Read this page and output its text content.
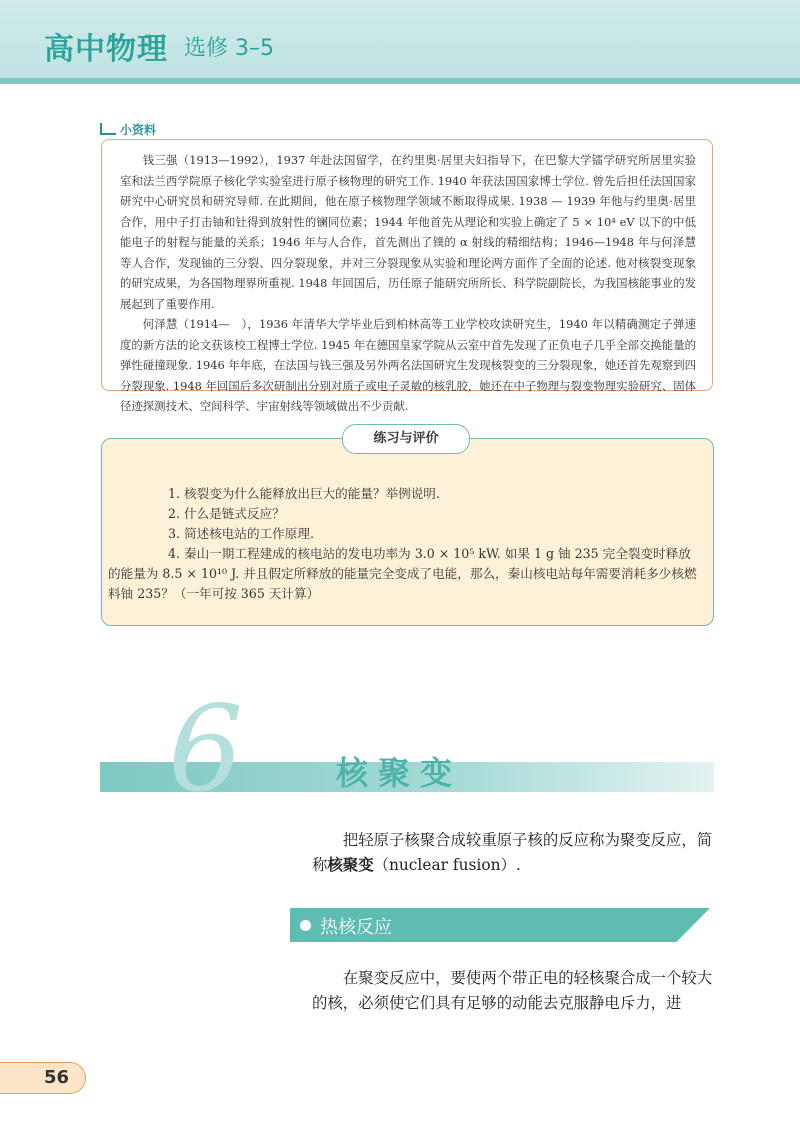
高中物理 选修 3–5
小资料

钱三强（1913—1992），1937 年赴法国留学，在约里奥·居里夫妇指导下，在巴黎大学镭学研究所居里实验室和法兰西学院原子核化学实验室进行原子核物理的研究工作. 1940 年获法国国家博士学位. 曾先后担任法国国家研究中心研究员和研究导师. 在此期间，他在原子核物理学领域不断取得成果. 1938 — 1939 年他与约里奥·居里合作，用中子打击铀和钍得到放射性的镧同位素；1944 年他首先从理论和实验上确定了 5 × 10⁴ eV 以下的中低能电子的射程与能量的关系；1946 年与人合作，首先测出了镤的 α 射线的精细结构；1946—1948 年与何泽慧等人合作，发现铀的三分裂、四分裂现象，并对三分裂现象从实验和理论两方面作了全面的论述. 他对核裂变现象的研究成果，为各国物理界所重视. 1948 年回国后，历任原子能研究所所长、科学院副院长，为我国核能事业的发展起到了重要作用.

何泽慧（1914—　），1936 年清华大学毕业后到柏林高等工业学校攻读研究生，1940 年以精确测定子弹速度的新方法的论文获该校工程博士学位. 1945 年在德国皇家学院从云室中首先发现了正负电子几乎全部交换能量的弹性碰撞现象. 1946 年年底，在法国与钱三强及另外两名法国研究生发现核裂变的三分裂现象，她还首先观察到四分裂现象. 1948 年回国后多次研制出分别对质子或电子灵敏的核乳胶，她还在中子物理与裂变物理实验研究、固体径迹探测技术、空间科学、宇宙射线等领域做出不少贡献.

练习与评价
1. 核裂变为什么能释放出巨大的能量？举例说明.
2. 什么是链式反应？
3. 简述核电站的工作原理.
4. 秦山一期工程建成的核电站的发电功率为 3.0 × 10⁵ kW. 如果 1 g 铀 235 完全裂变时释放的能量为 8.5 × 10¹⁰ J. 并且假定所释放的能量完全变成了电能，那么，秦山核电站每年需要消耗多少核燃料铀 235？（一年可按 365 天计算）
6	核聚变
把轻原子核聚合成较重原子核的反应称为聚变反应，简称核聚变（nuclear fusion）.
热核反应
在聚变反应中，要使两个带正电的轻核聚合成一个较大的核，必须使它们具有足够的动能去克服静电斥力，进
56
